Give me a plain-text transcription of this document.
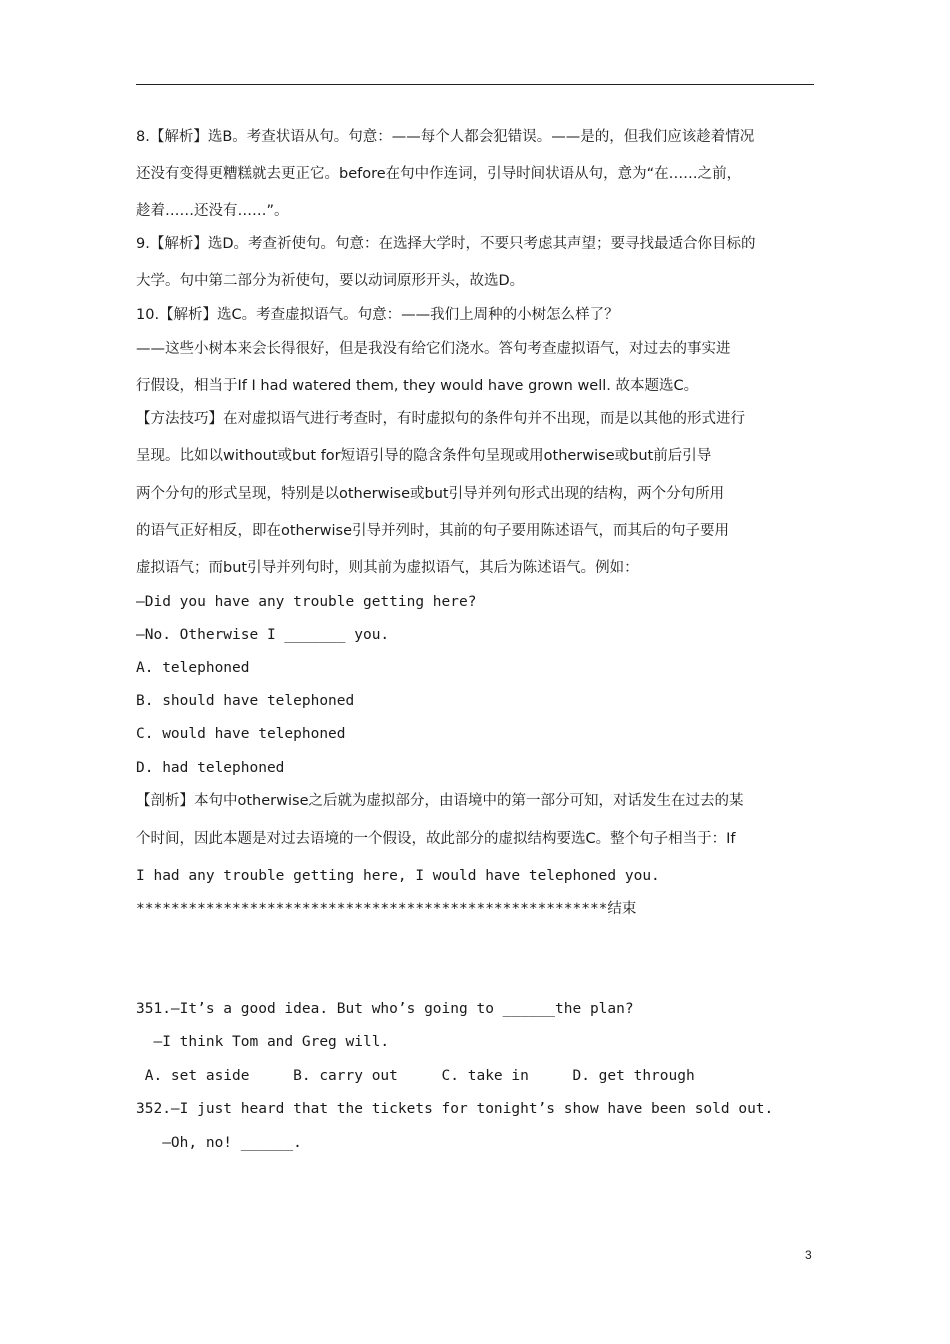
8.【解析】选B。考查状语从句。句意：——每个人都会犯错误。——是的，但我们应该趁着情况
还没有变得更糟糕就去更正它。before在句中作连词，引导时间状语从句，意为“在……之前，
趁着……还没有……”。
9.【解析】选D。考查祈使句。句意：在选择大学时，不要只考虑其声望；要寻找最适合你目标的
大学。句中第二部分为祈使句，要以动词原形开头，故选D。
10.【解析】选C。考查虚拟语气。句意：——我们上周种的小树怎么样了？
——这些小树本来会长得很好，但是我没有给它们浇水。答句考查虚拟语气，对过去的事实进
行假设，相当于If I had watered them, they would have grown well. 故本题选C。
【方法技巧】在对虚拟语气进行考查时，有时虚拟句的条件句并不出现，而是以其他的形式进行
呈现。比如以without或but for短语引导的隐含条件句呈现或用otherwise或but前后引导
两个分句的形式呈现，特别是以otherwise或but引导并列句形式出现的结构，两个分句所用
的语气正好相反，即在otherwise引导并列时，其前的句子要用陈述语气，而其后的句子要用
虚拟语气；而but引导并列句时，则其前为虚拟语气，其后为陈述语气。例如：
—Did you have any trouble getting here?
—No. Otherwise I _______ you.
A. telephoned
B. should have telephoned
C. would have telephoned
D. had telephoned
【剖析】本句中otherwise之后就为虚拟部分，由语境中的第一部分可知，对话发生在过去的某
个时间，因此本题是对过去语境的一个假设，故此部分的虚拟结构要选C。整个句子相当于：If
I had any trouble getting here, I would have telephoned you.
******************************************************结束
351.—It’s a good idea. But who’s going to ______the plan?
—I think Tom and Greg will.
A. set aside     B. carry out     C. take in     D. get through
352.—I just heard that the tickets for tonight’s show have been sold out.
—Oh, no! ______.
3
